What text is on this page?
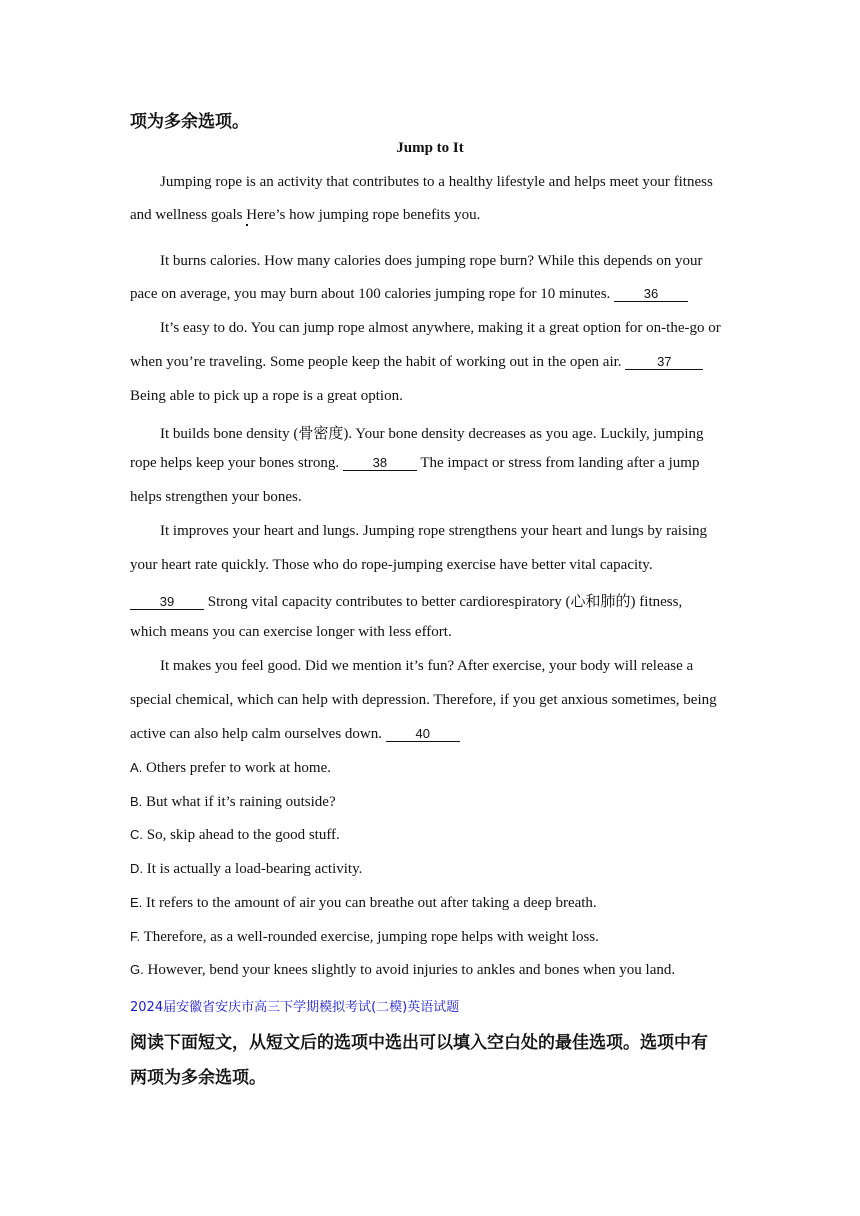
项为多余选项。
Jump to It
Jumping rope is an activity that contributes to a healthy lifestyle and helps meet your fitness
and wellness goals Here’s how jumping rope benefits you.
It burns calories. How many calories does jumping rope burn? While this depends on your
pace on average, you may burn about 100 calories jumping rope for 10 minutes.	36
It’s easy to do. You can jump rope almost anywhere, making it a great option for on-the-go or
when you’re traveling. Some people keep the habit of working out in the open air.	37
Being able to pick up a rope is a great option.
It builds bone density (骨密度). Your bone density decreases as you age. Luckily, jumping
rope helps keep your bones strong.	38 The impact or stress from landing after a jump
helps strengthen your bones.
It improves your heart and lungs. Jumping rope strengthens your heart and lungs by raising
your heart rate quickly. Those who do rope-jumping exercise have better vital capacity.
39 Strong vital capacity contributes to better cardiorespiratory (心和肺的) fitness,
which means you can exercise longer with less effort.
It makes you feel good. Did we mention it’s fun? After exercise, your body will release a
special chemical, which can help with depression. Therefore, if you get anxious sometimes, being
active can also help calm ourselves down.	40
A. Others prefer to work at home.
B. But what if it’s raining outside?
C. So, skip ahead to the good stuff.
D. It is actually a load-bearing activity.
E. It refers to the amount of air you can breathe out after taking a deep breath.
F. Therefore, as a well-rounded exercise, jumping rope helps with weight loss.
G. However, bend your knees slightly to avoid injuries to ankles and bones when you land.
2024届安徽省安庆市高三下学期模拟考试(二模)英语试题
阅读下面短文，从短文后的选项中选出可以填入空白处的最佳选项。选项中有
两项为多余选项。
